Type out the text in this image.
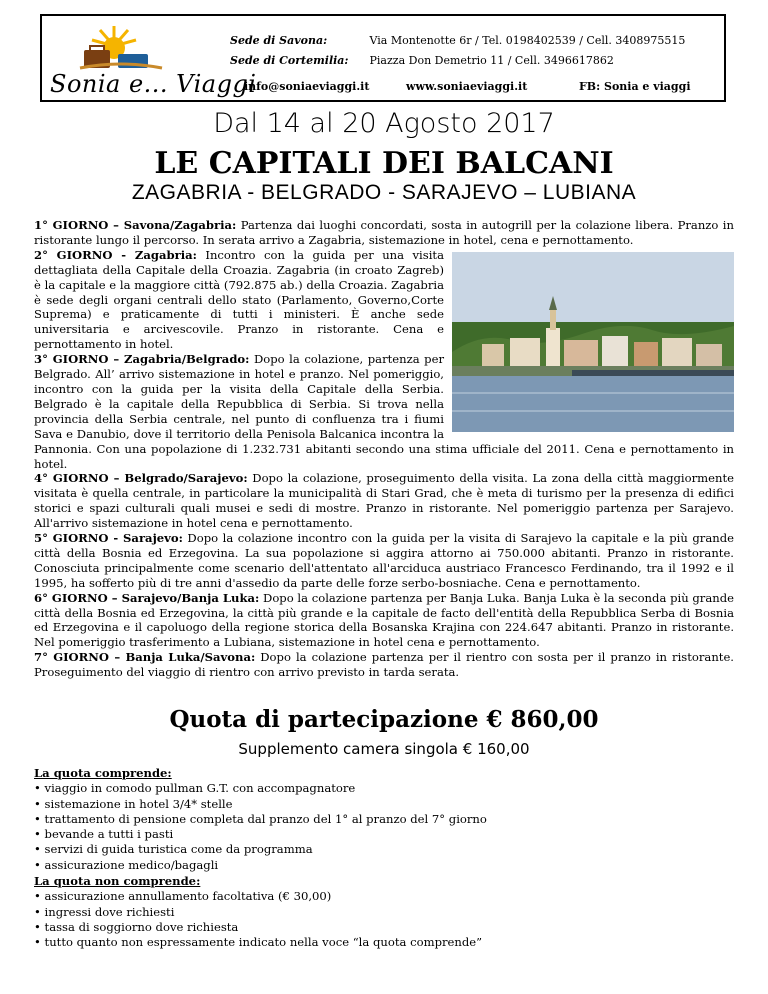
Sonia e... Viaggi
Sede di Savona:	Via Montenotte 6r / Tel. 0198402539 / Cell. 3408975515
Sede di Cortemilia: Piazza Don Demetrio 11 / Cell. 3496617862
info@soniaeviaggi.it	www.soniaeviaggi.it	FB: Sonia e viaggi
Dal 14 al 20 Agosto 2017
LE CAPITALI DEI BALCANI
ZAGABRIA - BELGRADO - SARAJEVO – LUBIANA

1° GIORNO – Savona/Zagabria: Partenza dai luoghi concordati, sosta in autogrill per la colazione libera. Pranzo in ristorante lungo il percorso. In serata arrivo a Zagabria, sistemazione in hotel, cena e pernottamento.

2° GIORNO - Zagabria: Incontro con la guida per una visita dettagliata della Capitale della Croazia. Zagabria (in croato Zagreb) è la capitale e la maggiore città (792.875 ab.) della Croazia. Zagabria è sede degli organi centrali dello stato (Parlamento, Governo,Corte Suprema) e praticamente di tutti i ministeri. È anche sede universitaria e arcivescovile. Pranzo in ristorante. Cena e pernottamento in hotel.

3° GIORNO – Zagabria/Belgrado: Dopo la colazione, partenza per Belgrado. All’ arrivo sistemazione in hotel e pranzo. Nel pomeriggio, incontro con la guida per la visita della Capitale della Serbia. Belgrado è la capitale della Repubblica di Serbia. Si trova nella provincia della Serbia centrale, nel punto di confluenza tra i fiumi Sava e Danubio, dove il territorio della Penisola Balcanica incontra la Pannonia. Con una popolazione di 1.232.731 abitanti secondo una stima ufficiale del 2011. Cena e pernottamento in hotel.

4° GIORNO – Belgrado/Sarajevo: Dopo la colazione, proseguimento della visita. La zona della città maggiormente visitata è quella centrale, in particolare la municipalità di Stari Grad, che è meta di turismo per la presenza di edifici storici e spazi culturali quali musei e sedi di mostre. Pranzo in ristorante. Nel pomeriggio partenza per Sarajevo. All'arrivo sistemazione in hotel cena e pernottamento.

5° GIORNO - Sarajevo: Dopo la colazione incontro con la guida per la visita di Sarajevo la capitale e la più grande città della Bosnia ed Erzegovina. La sua popolazione si aggira attorno ai 750.000 abitanti. Pranzo in ristorante. Conosciuta principalmente come scenario dell'attentato all'arciduca austriaco Francesco Ferdinando, tra il 1992 e il 1995, ha sofferto più di tre anni d'assedio da parte delle forze serbo-bosniache. Cena e pernottamento.

6° GIORNO – Sarajevo/Banja Luka: Dopo la colazione partenza per Banja Luka. Banja Luka è la seconda più grande città della Bosnia ed Erzegovina, la città più grande e la capitale de facto dell'entità della Repubblica Serba di Bosnia ed Erzegovina e il capoluogo della regione storica della Bosanska Krajina con 224.647 abitanti. Pranzo in ristorante. Nel pomeriggio trasferimento a Lubiana, sistemazione in hotel cena e pernottamento.

7° GIORNO – Banja Luka/Savona: Dopo la colazione partenza per il rientro con sosta per il pranzo in ristorante. Proseguimento del viaggio di rientro con arrivo previsto in tarda serata.

Quota di partecipazione € 860,00
Supplemento camera singola € 160,00
La quota comprende:
• viaggio in comodo pullman G.T. con accompagnatore
• sistemazione in hotel 3/4* stelle
• trattamento di pensione completa dal pranzo del 1° al pranzo del 7° giorno
• bevande a tutti i pasti
• servizi di guida turistica come da programma
• assicurazione medico/bagagli
La quota non comprende:
• assicurazione annullamento facoltativa (€ 30,00)
• ingressi dove richiesti
• tassa di soggiorno dove richiesta
• tutto quanto non espressamente indicato nella voce “la quota comprende”
